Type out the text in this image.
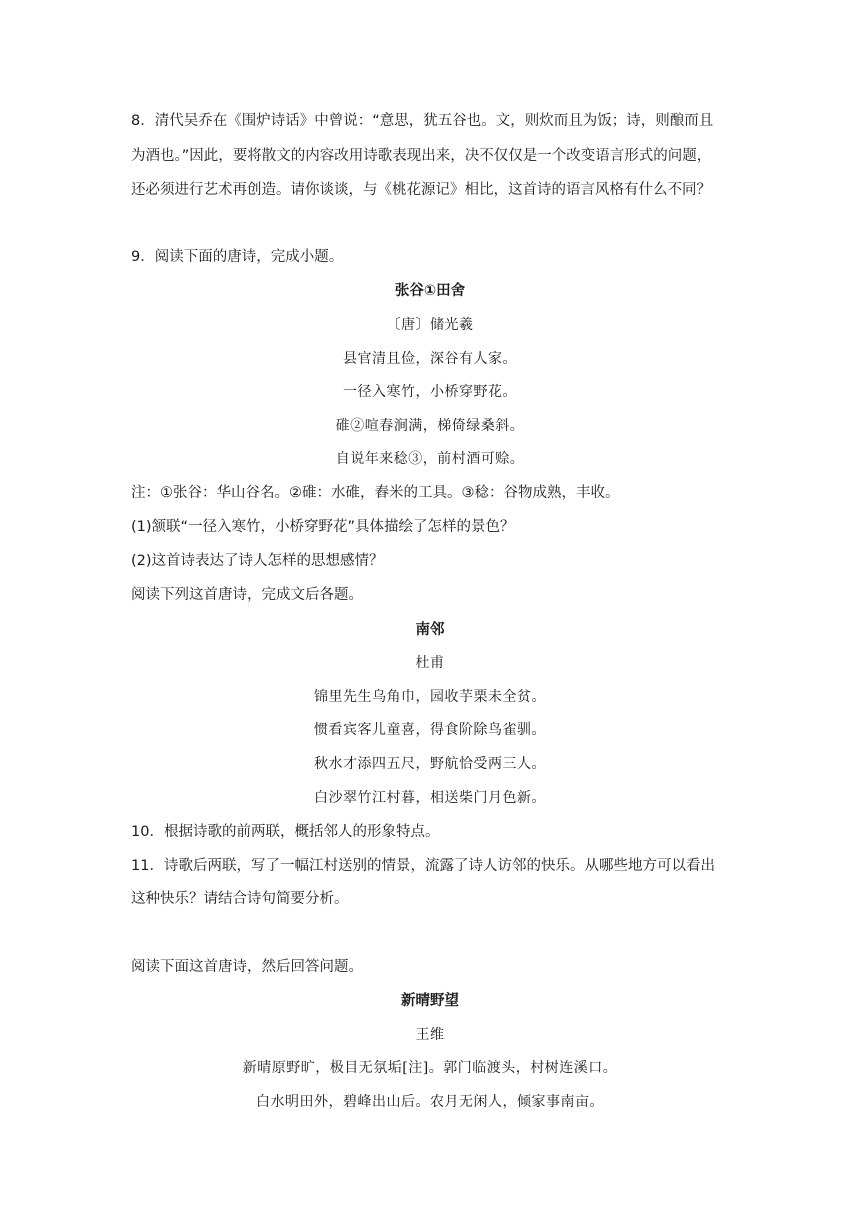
8．清代吴乔在《围炉诗话》中曾说：“意思，犹五谷也。文，则炊而且为饭；诗，则酿而且
为酒也。”因此，要将散文的内容改用诗歌表现出来，决不仅仅是一个改变语言形式的问题，
还必须进行艺术再创造。请你谈谈，与《桃花源记》相比，这首诗的语言风格有什么不同？
9．阅读下面的唐诗，完成小题。
张谷①田舍
〔唐〕储光羲
县官清且俭，深谷有人家。
一径入寒竹，小桥穿野花。
碓②喧春涧满，梯倚绿桑斜。
自说年来稔③，前村酒可赊。
注：①张谷：华山谷名。②碓：水碓，舂米的工具。③稔：谷物成熟，丰收。
(1)颔联“一径入寒竹，小桥穿野花”具体描绘了怎样的景色？
(2)这首诗表达了诗人怎样的思想感情？
阅读下列这首唐诗，完成文后各题。
南邻
杜甫
锦里先生乌角巾，园收芋栗未全贫。
惯看宾客儿童喜，得食阶除鸟雀驯。
秋水才添四五尺，野航恰受两三人。
白沙翠竹江村暮，相送柴门月色新。
10．根据诗歌的前两联，概括邻人的形象特点。
11．诗歌后两联，写了一幅江村送别的情景，流露了诗人访邻的快乐。从哪些地方可以看出
这种快乐？请结合诗句简要分析。
阅读下面这首唐诗，然后回答问题。
新晴野望
王维
新晴原野旷，极目无氛垢[注]。郭门临渡头，村树连溪口。
白水明田外，碧峰出山后。农月无闲人，倾家事南亩。
